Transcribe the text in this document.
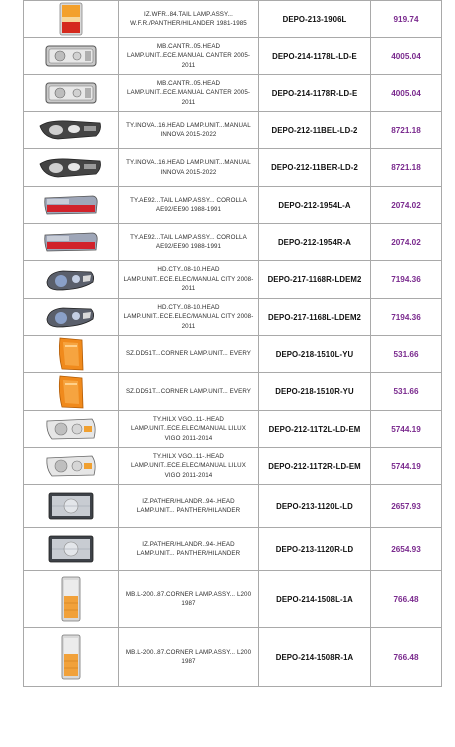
	IZ.WFR..84.TAIL LAMP.ASSY... W.F.R./PANTHER/HILANDER 1981-1985	DEPO-213-1906L	919.74

	MB.CANTR..05.HEAD LAMP.UNIT..ECE.MANUAL CANTER 2005-2011	DEPO-214-1178L-LD-E	4005.04

	MB.CANTR..05.HEAD LAMP.UNIT..ECE.MANUAL CANTER 2005-2011	DEPO-214-1178R-LD-E	4005.04

	TY.INOVA..16.HEAD LAMP.UNIT...MANUAL INNOVA 2015-2022	DEPO-212-11BEL-LD-2	8721.18

	TY.INOVA..16.HEAD LAMP.UNIT...MANUAL INNOVA 2015-2022	DEPO-212-11BER-LD-2	8721.18

	TY.AE92...TAIL LAMP.ASSY... COROLLA AE92/EE90 1988-1991	DEPO-212-1954L-A	2074.02

	TY.AE92...TAIL LAMP.ASSY... COROLLA AE92/EE90 1988-1991	DEPO-212-1954R-A	2074.02

	HD.CTY..08-10.HEAD LAMP.UNIT..ECE.ELEC/MANUAL CITY 2008-2011	DEPO-217-1168R-LDEM2	7194.36

	HD.CTY..08-10.HEAD LAMP.UNIT..ECE.ELEC/MANUAL CITY 2008-2011	DEPO-217-1168L-LDEM2	7194.36

	SZ.DD51T...CORNER LAMP.UNIT... EVERY	DEPO-218-1510L-YU	531.66

	SZ.DD51T...CORNER LAMP.UNIT... EVERY	DEPO-218-1510R-YU	531.66

	TY.HILX VGO..11-.HEAD LAMP.UNIT..ECE.ELEC/MANUAL LILUX VIGO 2011-2014	DEPO-212-11T2L-LD-EM	5744.19

	TY.HILX VGO..11-.HEAD LAMP.UNIT..ECE.ELEC/MANUAL LILUX VIGO 2011-2014	DEPO-212-11T2R-LD-EM	5744.19

	IZ.PATHER/HLANDR..94-.HEAD LAMP.UNIT... PANTHER/HILANDER	DEPO-213-1120L-LD	2657.93

	IZ.PATHER/HLANDR..94-.HEAD LAMP.UNIT... PANTHER/HILANDER	DEPO-213-1120R-LD	2654.93

	MB.L-200..87.CORNER LAMP.ASSY... L200 1987	DEPO-214-1508L-1A	766.48

	MB.L-200..87.CORNER LAMP.ASSY... L200 1987	DEPO-214-1508R-1A	766.48
